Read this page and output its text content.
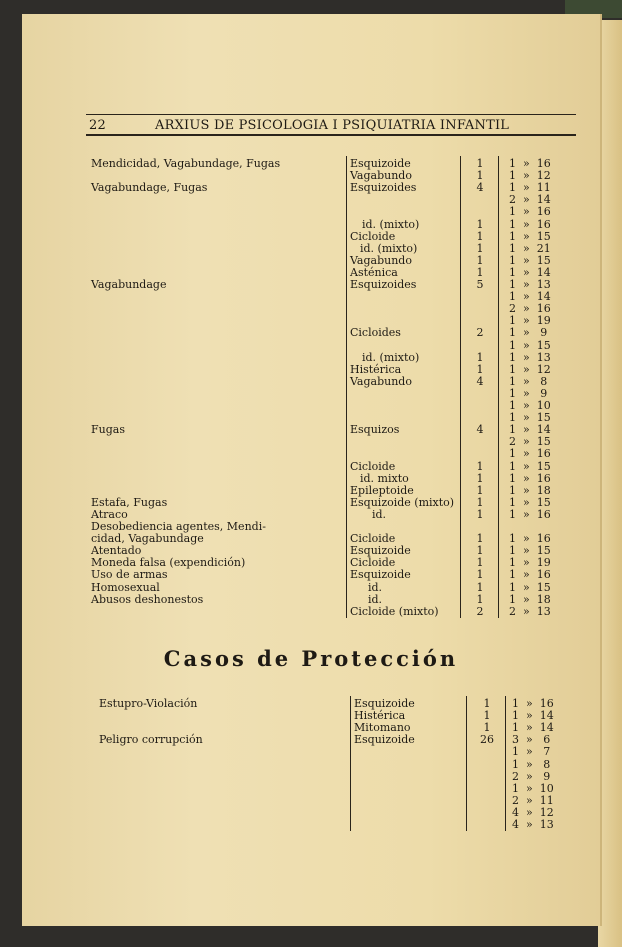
22	ARXIUS DE PSICOLOGIA I PSIQUIATRIA INFANTIL
Mendicidad, Vagabundage, Fugas
Vagabundage, Fugas
Vagabundage
Fugas
Estafa, Fugas
Atraco
Desobediencia agentes, Mendi-
cidad, Vagabundage
Atentado
Moneda falsa (expendición)
Uso de armas
Homosexual
Abusos deshonestos
Esquizoide
Vagabundo
Esquizoides
id. (mixto)
Cicloide
id. (mixto)
Vagabundo
Asténica
Esquizoides
Cicloides
id. (mixto)
Histérica
Vagabundo
Esquizos
Cicloide
id. mixto
Epileptoide
Esquizoide (mixto)
id.
Cicloide
Esquizoide
Cicloide
Esquizoide
id.
id.
Cicloide (mixto)
1
1
4
1
1
1
1
1
5
2
1
1
4
4
1
1
1
1
1
1
1
1
1
1
1
2
1  »  16
1  »  12
1  »  11
2  »  14
1  »  16
1  »  16
1  »  15
1  »  21
1  »  15
1  »  14
1  »  13
1  »  14
2  »  16
1  »  19
1  »   9
1  »  15
1  »  13
1  »  12
1  »   8
1  »   9
1  »  10
1  »  15
1  »  14
2  »  15
1  »  16
1  »  15
1  »  16
1  »  18
1  »  15
1  »  16
1  »  16
1  »  15
1  »  19
1  »  16
1  »  15
1  »  18
2  »  13
Casos de Protección
Estupro-Violación
Peligro corrupción
Esquizoide
Histérica
Mitomano
Esquizoide
1
1
1
26
1  »  16
1  »  14
1  »  14
3  »   6
1  »   7
1  »   8
2  »   9
1  »  10
2  »  11
4  »  12
4  »  13
